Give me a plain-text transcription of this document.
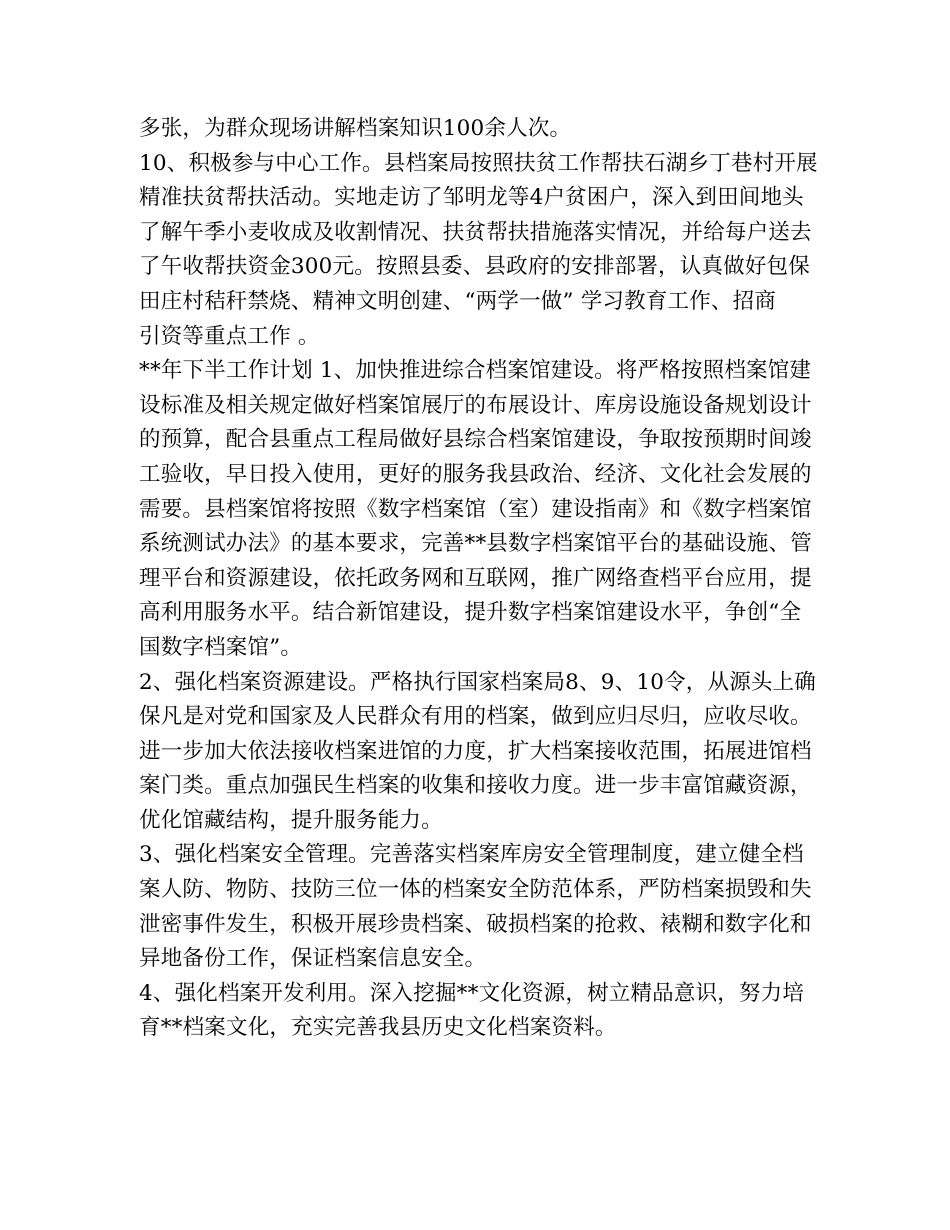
多张，为群众现场讲解档案知识100余人次。
10、积极参与中心工作。县档案局按照扶贫工作帮扶石湖乡丁巷村开展
精准扶贫帮扶活动。实地走访了邹明龙等4户贫困户，深入到田间地头
了解午季小麦收成及收割情况、扶贫帮扶措施落实情况，并给每户送去
了午收帮扶资金300元。按照县委、县政府的安排部署，认真做好包保
田庄村秸秆禁烧、精神文明创建、“两学一做” 学习教育工作、招商
引资等重点工作 。
**年下半工作计划 1、加快推进综合档案馆建设。将严格按照档案馆建
设标准及相关规定做好档案馆展厅的布展设计、库房设施设备规划设计
的预算，配合县重点工程局做好县综合档案馆建设，争取按预期时间竣
工验收，早日投入使用，更好的服务我县政治、经济、文化社会发展的
需要。县档案馆将按照《数字档案馆（室）建设指南》和《数字档案馆
系统测试办法》的基本要求，完善**县数字档案馆平台的基础设施、管
理平台和资源建设，依托政务网和互联网，推广网络查档平台应用，提
高利用服务水平。结合新馆建设，提升数字档案馆建设水平，争创“全
国数字档案馆”。
2、强化档案资源建设。严格执行国家档案局8、9、10令，从源头上确
保凡是对党和国家及人民群众有用的档案，做到应归尽归，应收尽收。
进一步加大依法接收档案进馆的力度，扩大档案接收范围，拓展进馆档
案门类。重点加强民生档案的收集和接收力度。进一步丰富馆藏资源，
优化馆藏结构，提升服务能力。
3、强化档案安全管理。完善落实档案库房安全管理制度，建立健全档
案人防、物防、技防三位一体的档案安全防范体系，严防档案损毁和失
泄密事件发生，积极开展珍贵档案、破损档案的抢救、裱糊和数字化和
异地备份工作，保证档案信息安全。
4、强化档案开发利用。深入挖掘**文化资源，树立精品意识，努力培
育**档案文化，充实完善我县历史文化档案资料。
